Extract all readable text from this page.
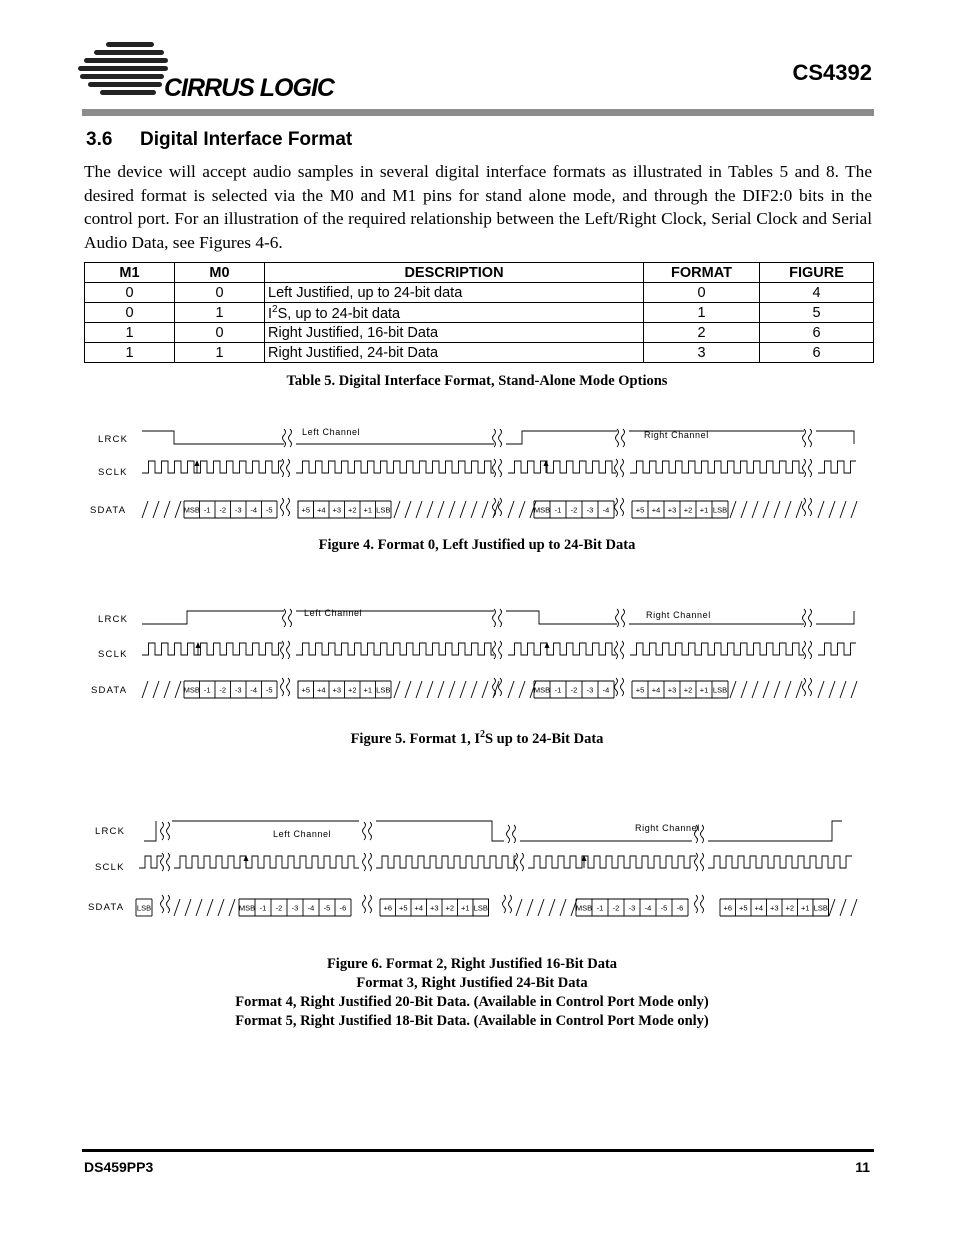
CIRRUS LOGIC
CS4392
3.6 Digital Interface Format
The device will accept audio samples in several digital interface formats as illustrated in Tables 5 and 8. The desired format is selected via the M0 and M1 pins for stand alone mode, and through the DIF2:0 bits in the control port. For an illustration of the required relationship between the Left/Right Clock, Serial Clock and Serial Audio Data, see Figures 4-6.
M1	M0	DESCRIPTION	FORMAT	FIGURE
0	0	Left Justified, up to 24-bit data	0	4
0	1	$I^2S$, up to 24-bit data	1	5
1	0	Right Justified, 16-bit Data	2	6
1	1	Right Justified, 24-bit Data	3	6
Table 5. Digital Interface Format, Stand-Alone Mode Options
MSB -1 -2 -3 -4 -5	+5 +4 +3 +2 +1 LSB	MSB -1 -2 -3 -4	+5 +4 +3 +2 +1 LSB
LRCK
SCLK
SDATA
Left Channel	Right Channel
Figure 4. Format 0, Left Justified up to 24-Bit Data
MSB -1 -2 -3 -4 -5	+5 +4 +3 +2 +1 LSB	MSB -1 -2 -3 -4	+5 +4 +3 +2 +1 LSB
LRCK
SCLK
SDATA
Left Channel	Right Channel
Figure 5. Format 1, $I^2S$ up to 24-Bit Data
LSB	MSB -1 -2 -3 -4 -5 -6	+6 +5 +4 +3 +2 +1 LSB	MSB -1 -2 -3 -4 -5 -6	+6 +5 +4 +3 +2 +1 LSB
LRCK
SCLK
SDATA
Left Channel
Right Channel
Figure 6. Format 2, Right Justified 16-Bit Data
Format 3, Right Justified 24-Bit Data
Format 4, Right Justified 20-Bit Data. (Available in Control Port Mode only)
Format 5, Right Justified 18-Bit Data. (Available in Control Port Mode only)
DS459PP3	11
